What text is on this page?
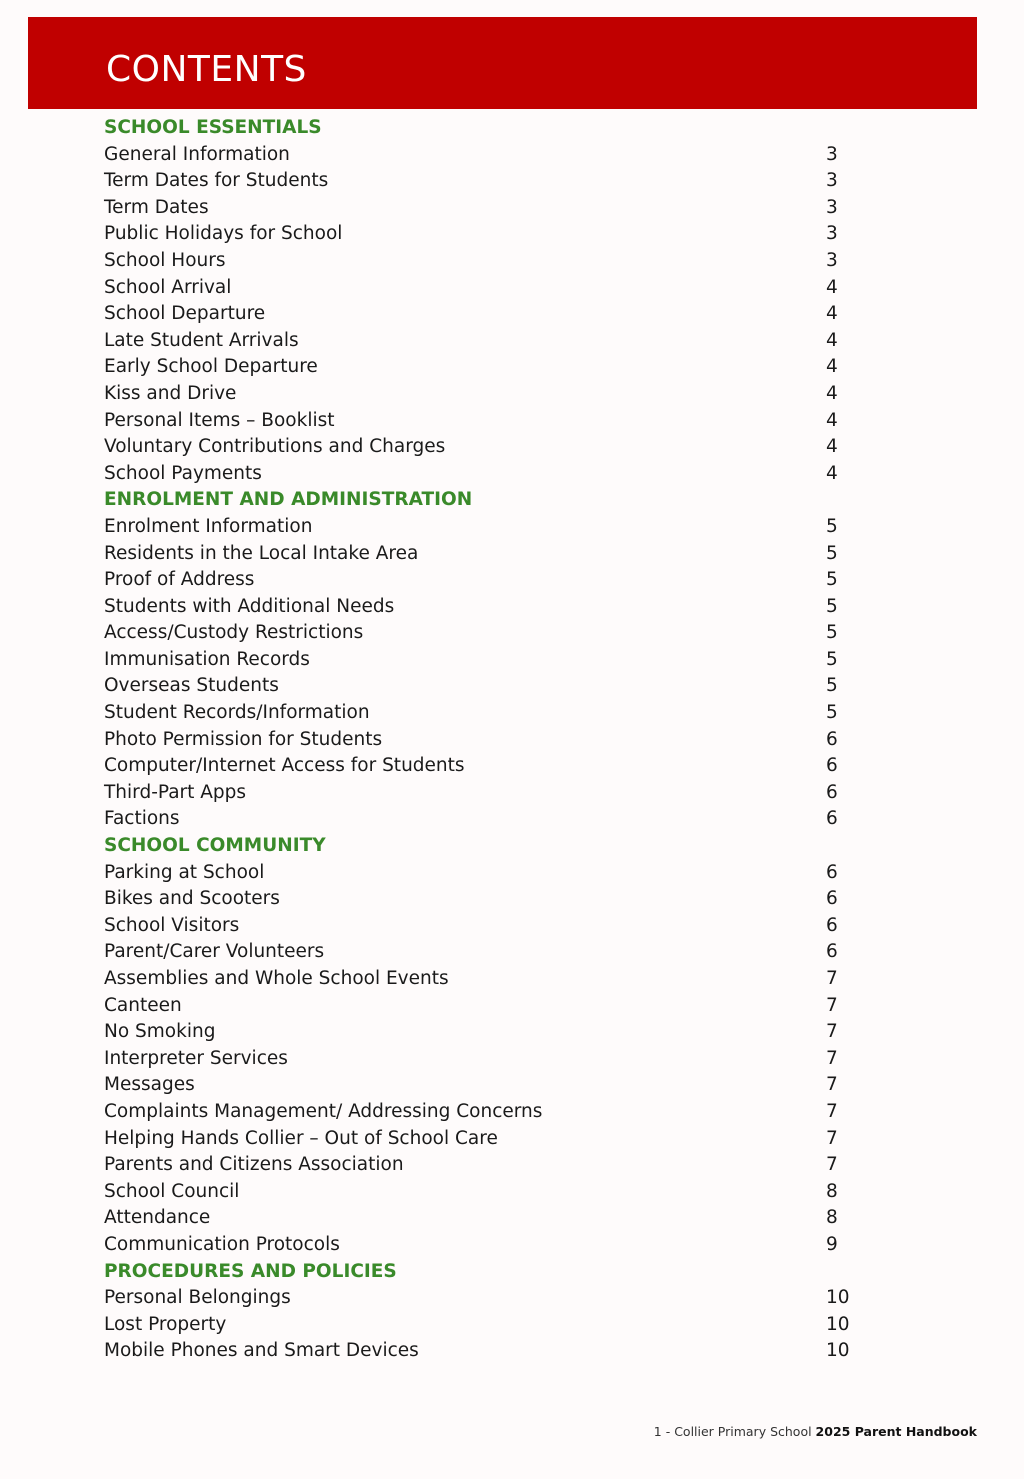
CONTENTS
SCHOOL ESSENTIALS
General Information	3
Term Dates for Students	3
Term Dates	3
Public Holidays for School	3
School Hours	3
School Arrival	4
School Departure	4
Late Student Arrivals	4
Early School Departure	4
Kiss and Drive	4
Personal Items – Booklist	4
Voluntary Contributions and Charges	4
School Payments	4
ENROLMENT AND ADMINISTRATION
Enrolment Information	5
Residents in the Local Intake Area	5
Proof of Address	5
Students with Additional Needs	5
Access/Custody Restrictions	5
Immunisation Records	5
Overseas Students	5
Student Records/Information	5
Photo Permission for Students	6
Computer/Internet Access for Students	6
Third-Part Apps	6
Factions	6
SCHOOL COMMUNITY
Parking at School	6
Bikes and Scooters	6
School Visitors	6
Parent/Carer Volunteers	6
Assemblies and Whole School Events	7
Canteen	7
No Smoking	7
Interpreter Services	7
Messages	7
Complaints Management/ Addressing Concerns	7
Helping Hands Collier – Out of School Care	7
Parents and Citizens Association	7
School Council	8
Attendance	8
Communication Protocols	9
PROCEDURES AND POLICIES
Personal Belongings	10
Lost Property	10
Mobile Phones and Smart Devices	10
1 - Collier Primary School 2025 Parent Handbook
